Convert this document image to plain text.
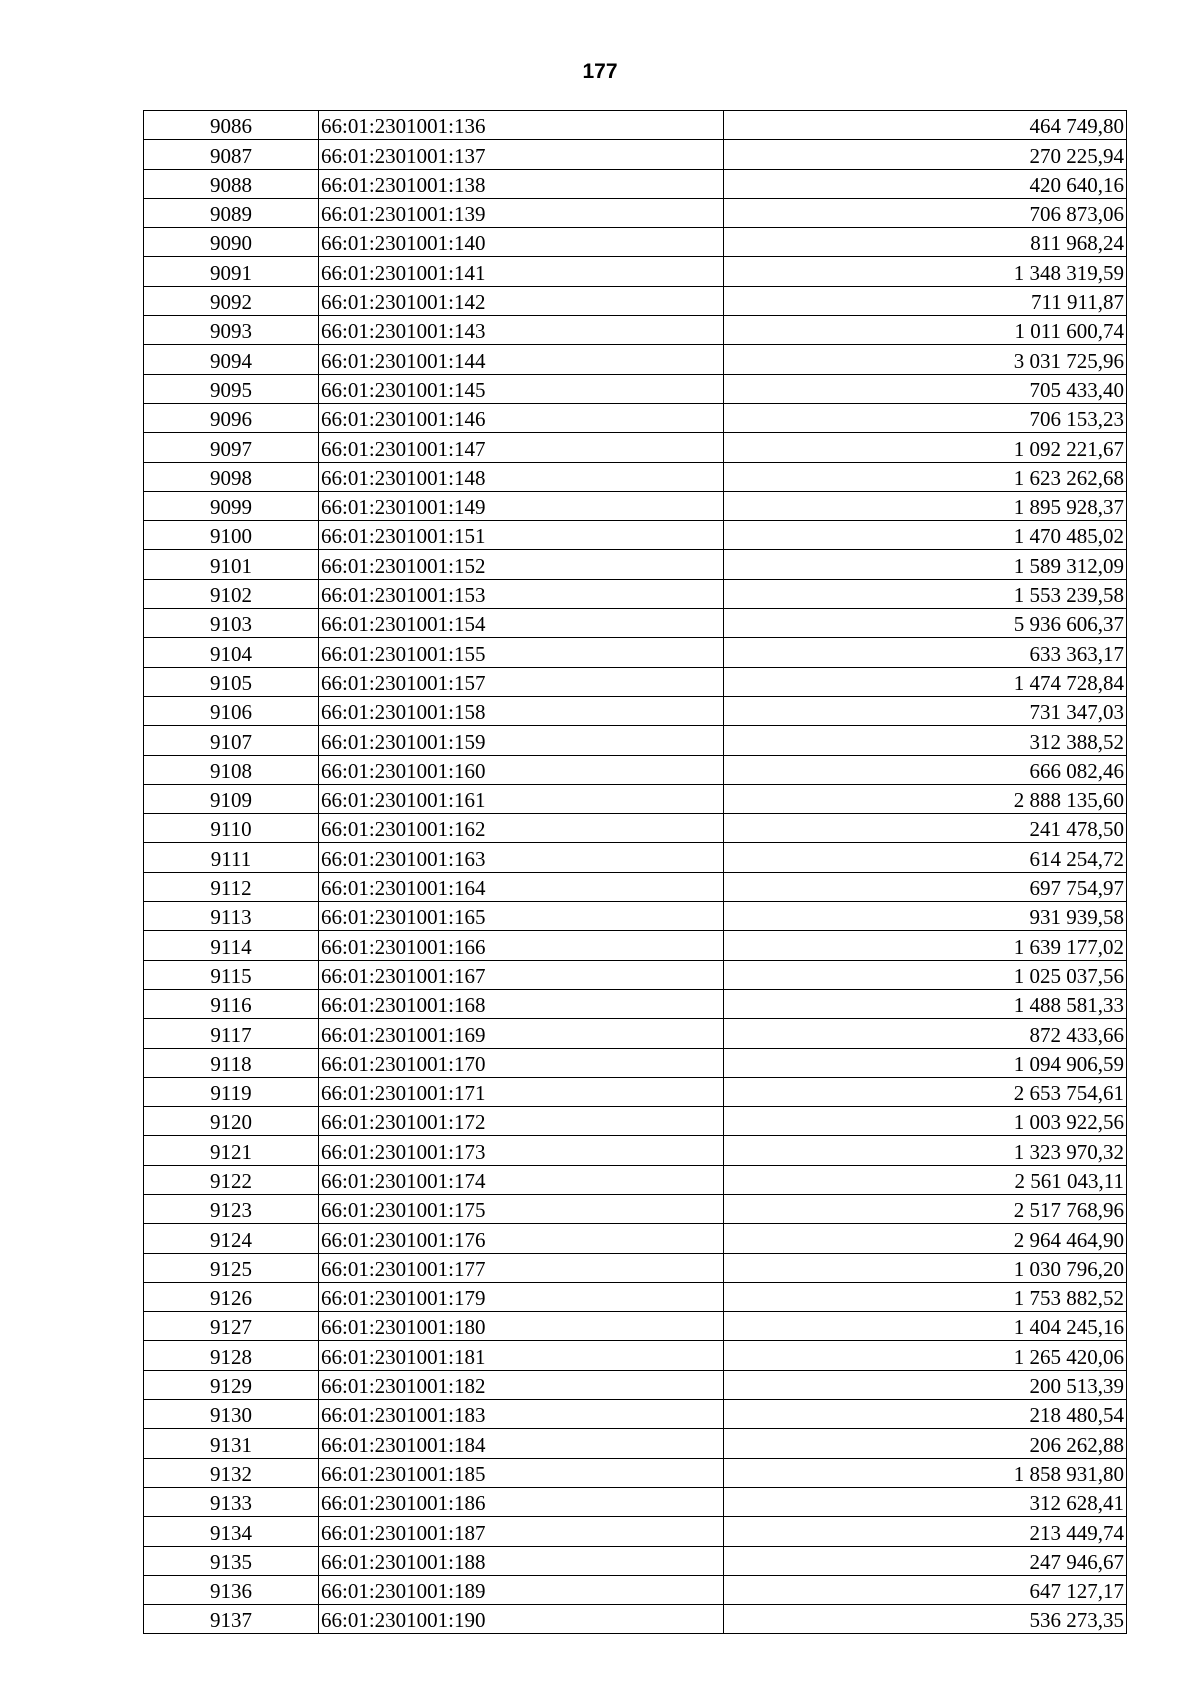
177
9086	66:01:2301001:136	464 749,80
9087	66:01:2301001:137	270 225,94
9088	66:01:2301001:138	420 640,16
9089	66:01:2301001:139	706 873,06
9090	66:01:2301001:140	811 968,24
9091	66:01:2301001:141	1 348 319,59
9092	66:01:2301001:142	711 911,87
9093	66:01:2301001:143	1 011 600,74
9094	66:01:2301001:144	3 031 725,96
9095	66:01:2301001:145	705 433,40
9096	66:01:2301001:146	706 153,23
9097	66:01:2301001:147	1 092 221,67
9098	66:01:2301001:148	1 623 262,68
9099	66:01:2301001:149	1 895 928,37
9100	66:01:2301001:151	1 470 485,02
9101	66:01:2301001:152	1 589 312,09
9102	66:01:2301001:153	1 553 239,58
9103	66:01:2301001:154	5 936 606,37
9104	66:01:2301001:155	633 363,17
9105	66:01:2301001:157	1 474 728,84
9106	66:01:2301001:158	731 347,03
9107	66:01:2301001:159	312 388,52
9108	66:01:2301001:160	666 082,46
9109	66:01:2301001:161	2 888 135,60
9110	66:01:2301001:162	241 478,50
9111	66:01:2301001:163	614 254,72
9112	66:01:2301001:164	697 754,97
9113	66:01:2301001:165	931 939,58
9114	66:01:2301001:166	1 639 177,02
9115	66:01:2301001:167	1 025 037,56
9116	66:01:2301001:168	1 488 581,33
9117	66:01:2301001:169	872 433,66
9118	66:01:2301001:170	1 094 906,59
9119	66:01:2301001:171	2 653 754,61
9120	66:01:2301001:172	1 003 922,56
9121	66:01:2301001:173	1 323 970,32
9122	66:01:2301001:174	2 561 043,11
9123	66:01:2301001:175	2 517 768,96
9124	66:01:2301001:176	2 964 464,90
9125	66:01:2301001:177	1 030 796,20
9126	66:01:2301001:179	1 753 882,52
9127	66:01:2301001:180	1 404 245,16
9128	66:01:2301001:181	1 265 420,06
9129	66:01:2301001:182	200 513,39
9130	66:01:2301001:183	218 480,54
9131	66:01:2301001:184	206 262,88
9132	66:01:2301001:185	1 858 931,80
9133	66:01:2301001:186	312 628,41
9134	66:01:2301001:187	213 449,74
9135	66:01:2301001:188	247 946,67
9136	66:01:2301001:189	647 127,17
9137	66:01:2301001:190	536 273,35
